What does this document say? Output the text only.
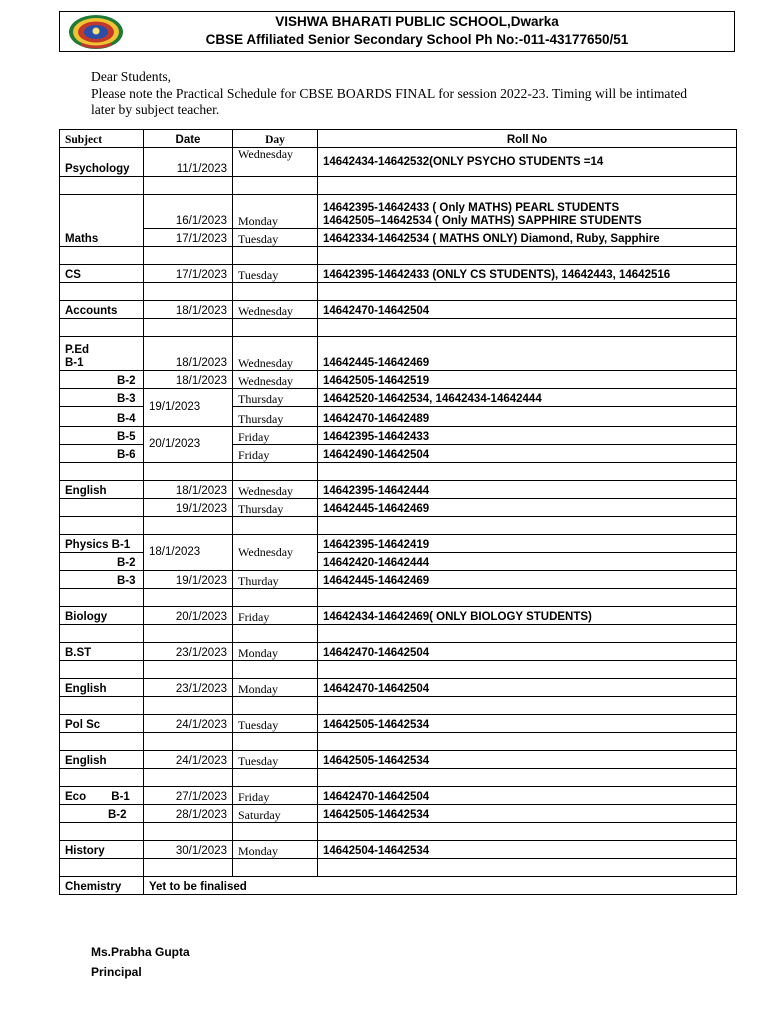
VISHWA BHARATI PUBLIC SCHOOL,Dwarka
CBSE Affiliated Senior Secondary School Ph No:-011-43177650/51
Dear Students,
Please note the Practical Schedule for CBSE BOARDS FINAL for session 2022-23. Timing will be intimated later by subject teacher.
Subject	Date	Day	Roll No
Psychology	11/1/2023	Wednesday	14642434-14642532(ONLY PSYCHO STUDENTS =14

Maths	16/1/2023	Monday	14642395-14642433 ( Only MATHS) PEARL STUDENTS
14642505–14642534 ( Only MATHS) SAPPHIRE STUDENTS

	17/1/2023	Tuesday	14642334-14642534 ( MATHS ONLY) Diamond, Ruby, Sapphire

CS	17/1/2023	Tuesday	14642395-14642433 (ONLY CS STUDENTS), 14642443, 14642516

Accounts	18/1/2023	Wednesday	14642470-14642504

P.Ed
B-1	18/1/2023	Wednesday	14642445-14642469
B-2	18/1/2023	Wednesday	14642505-14642519
B-3	19/1/2023	Thursday	14642520-14642534, 14642434-14642444
B-4		Thursday	14642470-14642489
B-5	20/1/2023	Friday	14642395-14642433
B-6		Friday	14642490-14642504

English	18/1/2023	Wednesday	14642395-14642444
	19/1/2023	Thursday	14642445-14642469

Physics B-1	18/1/2023	Wednesday	14642395-14642419
B-2			14642420-14642444
B-3	19/1/2023	Thurday	14642445-14642469

Biology	20/1/2023	Friday	14642434-14642469( ONLY BIOLOGY STUDENTS)

B.ST	23/1/2023	Monday	14642470-14642504

English	23/1/2023	Monday	14642470-14642504

Pol Sc	24/1/2023	Tuesday	14642505-14642534

English	24/1/2023	Tuesday	14642505-14642534

Eco B-1	27/1/2023	Friday	14642470-14642504
B-2	28/1/2023	Saturday	14642505-14642534

History	30/1/2023	Monday	14642504-14642534

Chemistry	Yet to be finalised		
Ms.Prabha Gupta
Principal
